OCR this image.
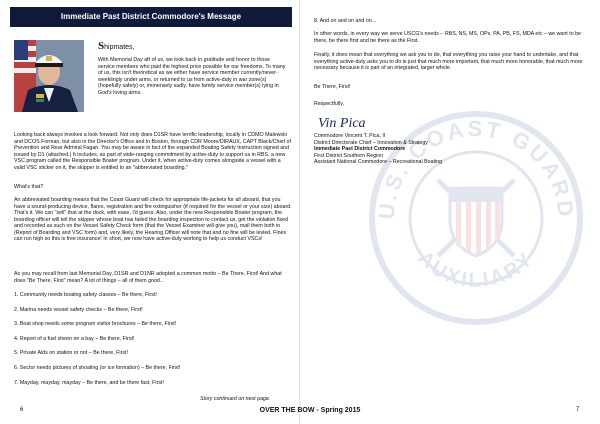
Immediate Past District Commodore's Message
Shipmates,
With Memorial Day aft of us, we look back in gratitude and honor to those service members who paid the highest price possible for our freedoms. To many of us, this isn't theoretical as we either have service member currently/never-weeklingly under arms, or returned to us from active-duty in war zone(s) (hopefully safely) or, immensely sadly, have family service member(s) lying in God's loving arms.
Looking back always invokes a look forward. Not only does D1SR have terrific leadership, locally in CDMO Malewski and DCOS Forman, but also in the Director's Office and in Boston, through CDR Moore/DIRAUX, CAPT Black/Chief of Prevention and Rear Admiral Fagan. You may be aware in fact of the expanded Boating Safety Instruction signed and issued by D1 (attached.) It includes, as part of wide-ranging commitment by active-duty to support us in RBS, a new VSC program called the Responsible Boater program. Under it, when active-duty comes alongside a vessel with a valid VSC sticker on it, the skipper is entitled to an "abbreviated boarding."
What's that?
An abbreviated boarding means that the Coast Guard will check for appropriate life-jackets for all aboard, that you have a sound-producing device, flares, registration and fire extinguisher (if required for the vessel or your size) aboard. That's it. We can "sell" that at the dock, with ease, I'd guess. Also, under the new Responsible Boater program, the boarding officer will tell the skipper whose boat has failed the boarding inspection to contact us, get the violation fixed and recorded as such on the Vessel Safety Check form (that the Vessel Examiner will give you), mail them both in (Report of Boarding and VSC form) and, very likely, the Hearing Officer will note that and no fine will be levied. Fines can run high so this is free insurance! In short, we now have active-duty working to help us conduct VSCs!
As you may recall from last Memorial Day, D1SR and D1NR adopted a common motto – Be There, First! And what does "Be There, First" mean? A lot of things – all of them good...
1. Community needs boating safety classes – Be there, First!
2. Marina needs vessel safety checks – Be there, First!
3. Boat shop needs some program visitor brochures – Be there, First!
4. Report of a fuel sheen on a bay – Be there, First!
5. Private Aids on station or not – Be there, First!
6. Sector needs pictures of shoaling (or ice formation) – Be there, First!
7. Mayday, mayday, mayday – Be there, and be there fast, First!
Story continued on next page.
6
U.S. COAST GUARD
AUXILIARY
8. And on and on and on...
In other words, in every way we serve USCG's needs – RBS, NS, MS, OPs, PA, PB, FS, MDA etc – we want to be there, be there first and be there as the First.
Finally, it does mean that everything we ask you to do, that everything you raise your hand to undertake, and that everything active-duty asks you to do is just that much more important, that much more honorable, that much more necessary because it is part of an integrated, larger whole.
Be There, First!
Respectfully,
Vin Pica

Commodore Vincent T. Pica, II

District Directorate Chief – Innovation & Strategy

Immediate Past District Commodore

First District Southern Region

Assistant National Commodore – Recreational Boating

7
OVER THE BOW - Spring 2015
